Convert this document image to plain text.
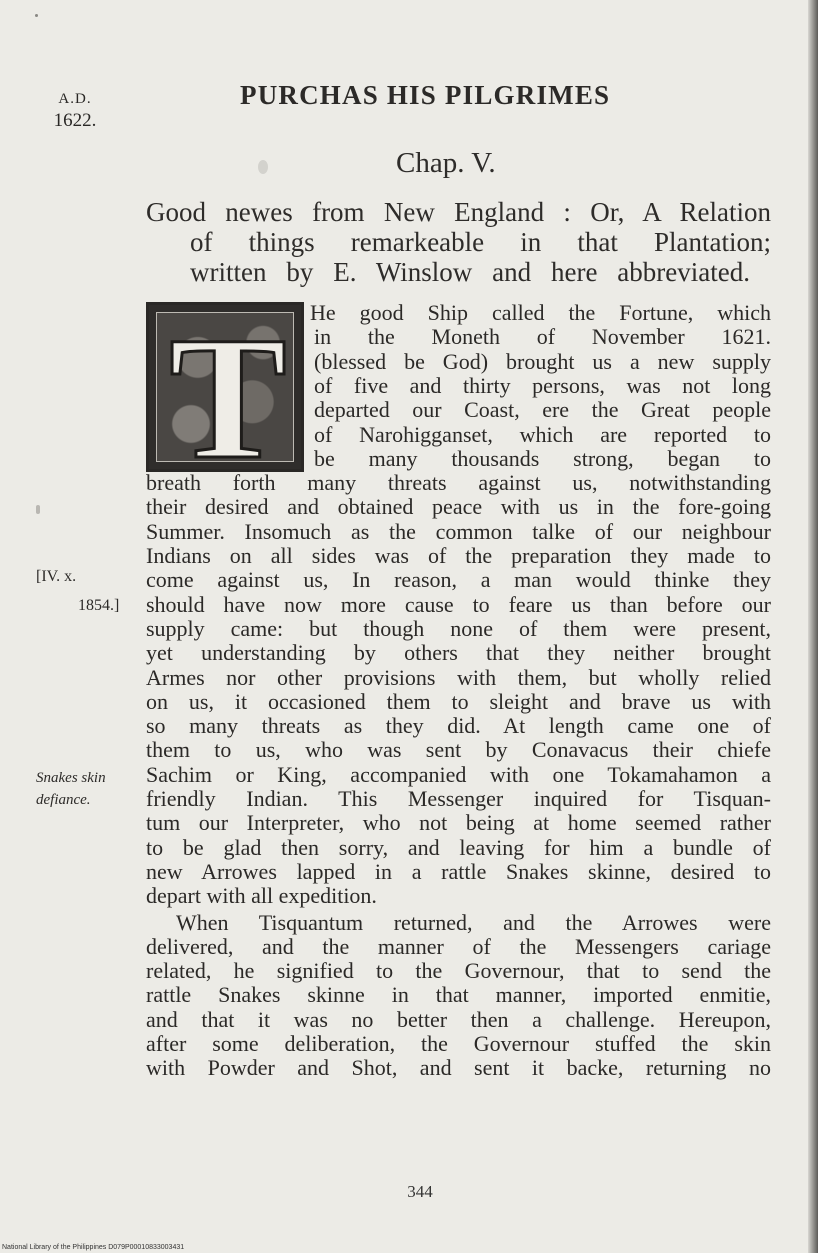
A.D.
1622.
PURCHAS HIS PILGRIMES
Chap. V.
Good newes from New England : Or, A Relation
of things remarkeable in that Plantation;
written by E. Winslow and here abbreviated.
T He good Ship called the Fortune, which
in the Moneth of November 1621.
(blessed be God) brought us a new supply
of five and thirty persons, was not long
departed our Coast, ere the Great people
of Narohigganset, which are reported to
be many thousands strong, began to
breath forth many threats against us, notwithstanding
their desired and obtained peace with us in the fore-going
Summer. Insomuch as the common talke of our neighbour
Indians on all sides was of the preparation they made to
come against us, In reason, a man would thinke they
should have now more cause to feare us than before our
supply came: but though none of them were present,
yet understanding by others that they neither brought
Armes nor other provisions with them, but wholly relied
on us, it occasioned them to sleight and brave us with
so many threats as they did. At length came one of
them to us, who was sent by Conavacus their chiefe
Sachim or King, accompanied with one Tokamahamon a
friendly Indian. This Messenger inquired for Tisquan-
tum our Interpreter, who not being at home seemed rather
to be glad then sorry, and leaving for him a bundle of
new Arrowes lapped in a rattle Snakes skinne, desired to
depart with all expedition.
When Tisquantum returned, and the Arrowes were
delivered, and the manner of the Messengers cariage
related, he signified to the Governour, that to send the
rattle Snakes skinne in that manner, imported enmitie,
and that it was no better then a challenge. Hereupon,
after some deliberation, the Governour stuffed the skin
with Powder and Shot, and sent it backe, returning no
[IV. x.
1854.]
Snakes skin
defiance.
344
National Library of the Philippines D079P00010833003431
